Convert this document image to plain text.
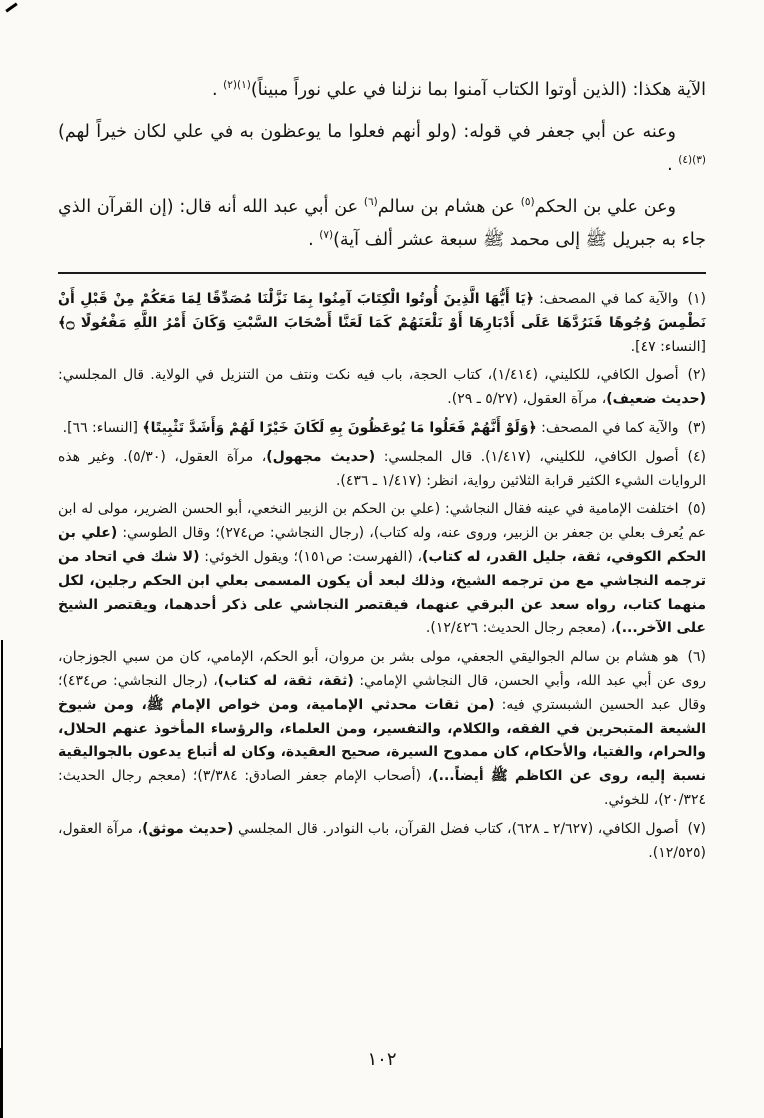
الآية هكذا: (الذين أوتوا الكتاب آمنوا بما نزلنا في علي نوراً مبيناً)$^{(١)(٢)}$ .

وعنه عن أبي جعفر في قوله: (ولو أنهم فعلوا ما يوعظون به في علي لكان خيراً لهم)$^{(٣)(٤)}$ .

وعن علي بن الحكم$^{(٥)}$ عن هشام بن سالم$^{(٦)}$ عن أبي عبد الله أنه قال: (إن القرآن الذي جاء به جبريل ﷺ إلى محمد ﷺ سبعة عشر ألف آية)$^{(٧)}$ .

(١)والآية كما في المصحف: ﴿يَا أَيُّهَا الَّذِينَ أُوتُوا الْكِتَابَ آمِنُوا بِمَا نَزَّلْنَا مُصَدِّقًا لِمَا مَعَكُمْ مِنْ قَبْلِ أَنْ نَطْمِسَ وُجُوهًا فَنَرُدَّهَا عَلَى أَدْبَارِهَا أَوْ نَلْعَنَهُمْ كَمَا لَعَنَّا أَصْحَابَ السَّبْتِ وَكَانَ أَمْرُ اللَّهِ مَفْعُولًا ۝﴾ [النساء: ٤٧].
(٢)أصول الكافي، للكليني، (١/٤١٤)، كتاب الحجة، باب فيه نكت ونتف من التنزيل في الولاية. قال المجلسي: (حديث ضعيف)، مرآة العقول، (٥/٢٧ ـ ٢٩).
(٣)والآية كما في المصحف: ﴿وَلَوْ أَنَّهُمْ فَعَلُوا مَا يُوعَظُونَ بِهِ لَكَانَ خَيْرًا لَهُمْ وَأَشَدَّ تَثْبِيتًا﴾ [النساء: ٦٦].
(٤)أصول الكافي، للكليني، (١/٤١٧). قال المجلسي: (حديث مجهول)، مرآة العقول، (٥/٣٠). وغير هذه الروايات الشيء الكثير قرابة الثلاثين رواية، انظر: (١/٤١٧ ـ ٤٣٦).
(٥)اختلفت الإمامية في عينه فقال النجاشي: (علي بن الحكم بن الزبير النخعي، أبو الحسن الضرير، مولى له ابن عم يُعرف بعلي بن جعفر بن الزبير، وروى عنه، وله كتاب)، (رجال النجاشي: ص٢٧٤)؛ وقال الطوسي: (علي بن الحكم الكوفي، ثقة، جليل القدر، له كتاب)، (الفهرست: ص١٥١)؛ ويقول الخوئي: (لا شك في اتحاد من ترجمه النجاشي مع من ترجمه الشيخ، وذلك لبعد أن يكون المسمى بعلي ابن الحكم رجلين، لكل منهما كتاب، رواه سعد عن البرقي عنهما، فيقتصر النجاشي على ذكر أحدهما، ويقتصر الشيخ على الآخر...)، (معجم رجال الحديث: ١٢/٤٢٦).
(٦)هو هشام بن سالم الجواليقي الجعفي، مولى بشر بن مروان، أبو الحكم، الإمامي، كان من سبي الجوزجان، روى عن أبي عبد الله، وأبي الحسن، قال النجاشي الإمامي: (ثقة، ثقة، له كتاب)، (رجال النجاشي: ص٤٣٤)؛ وقال عبد الحسين الشبستري فيه: (من ثقات محدثي الإمامية، ومن خواص الإمام ﷺ، ومن شيوخ الشيعة المتبحرين في الفقه، والكلام، والتفسير، ومن العلماء، والرؤساء المأخوذ عنهم الحلال، والحرام، والفتيا، والأحكام، كان ممدوح السيرة، صحيح العقيدة، وكان له أتباع يدعون بالجواليقية نسبة إليه، روى عن الكاظم ﷺ أيضاً...)، (أصحاب الإمام جعفر الصادق: ٣/٣٨٤)؛ (معجم رجال الحديث: ٢٠/٣٢٤)، للخوئي.
(٧)أصول الكافي، (٢/٦٢٧ ـ ٦٢٨)، كتاب فضل القرآن، باب النوادر. قال المجلسي (حديث موثق)، مرآة العقول، (١٢/٥٢٥).
١٠٢
